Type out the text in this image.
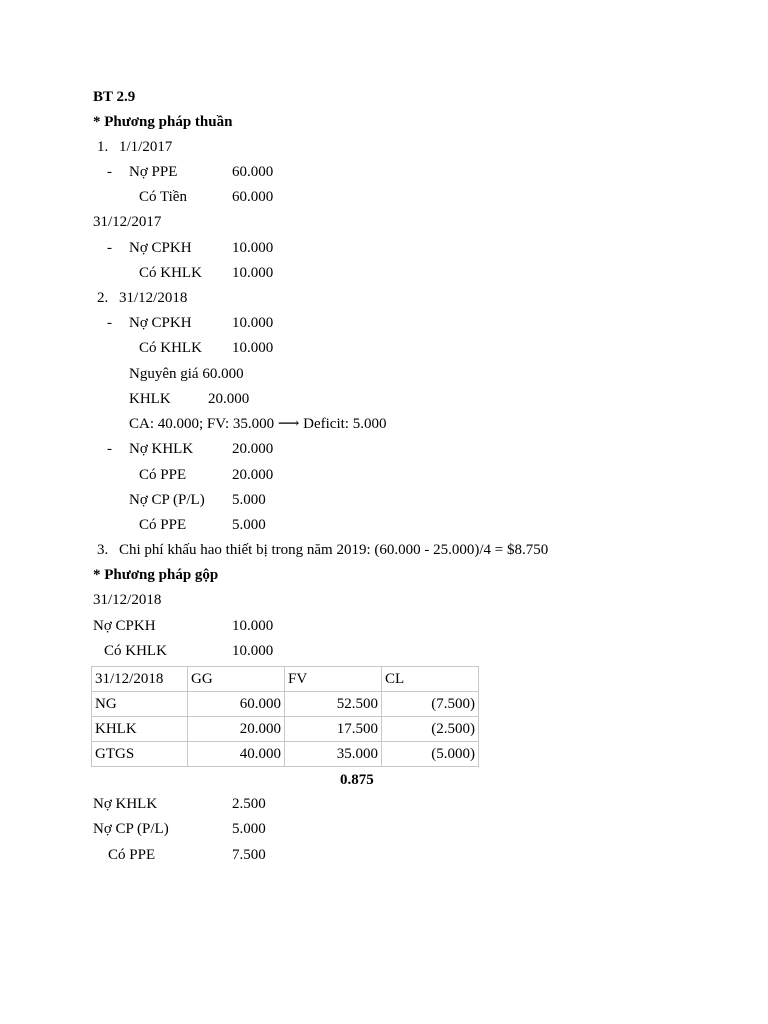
BT 2.9
* Phương pháp thuần
1. 1/1/2017
- Nợ PPE	60.000
Có Tiền	60.000
31/12/2017
- Nợ CPKH	10.000
Có KHLK 10.000
2. 31/12/2018
- Nợ CPKH	10.000
Có KHLK 10.000
Nguyên giá 60.000
KHLK 20.000
CA: 40.000; FV: 35.000 ⟶ Deficit: 5.000
- Nợ KHLK	20.000
Có PPE	20.000
Nợ CP (P/L) 5.000
Có PPE	5.000
3. Chi phí khấu hao thiết bị trong năm 2019: (60.000 - 25.000)/4 = $8.750
* Phương pháp gộp
31/12/2018
Nợ CPKH	10.000
Có KHLK	10.000
31/12/2018	GG	FV	CL
NG	60.000	52.500	(7.500)
KHLK	20.000	17.500	(2.500)
GTGS	40.000	35.000	(5.000)
0.875
Nợ KHLK	2.500
Nợ CP (P/L)	5.000
Có PPE	7.500
